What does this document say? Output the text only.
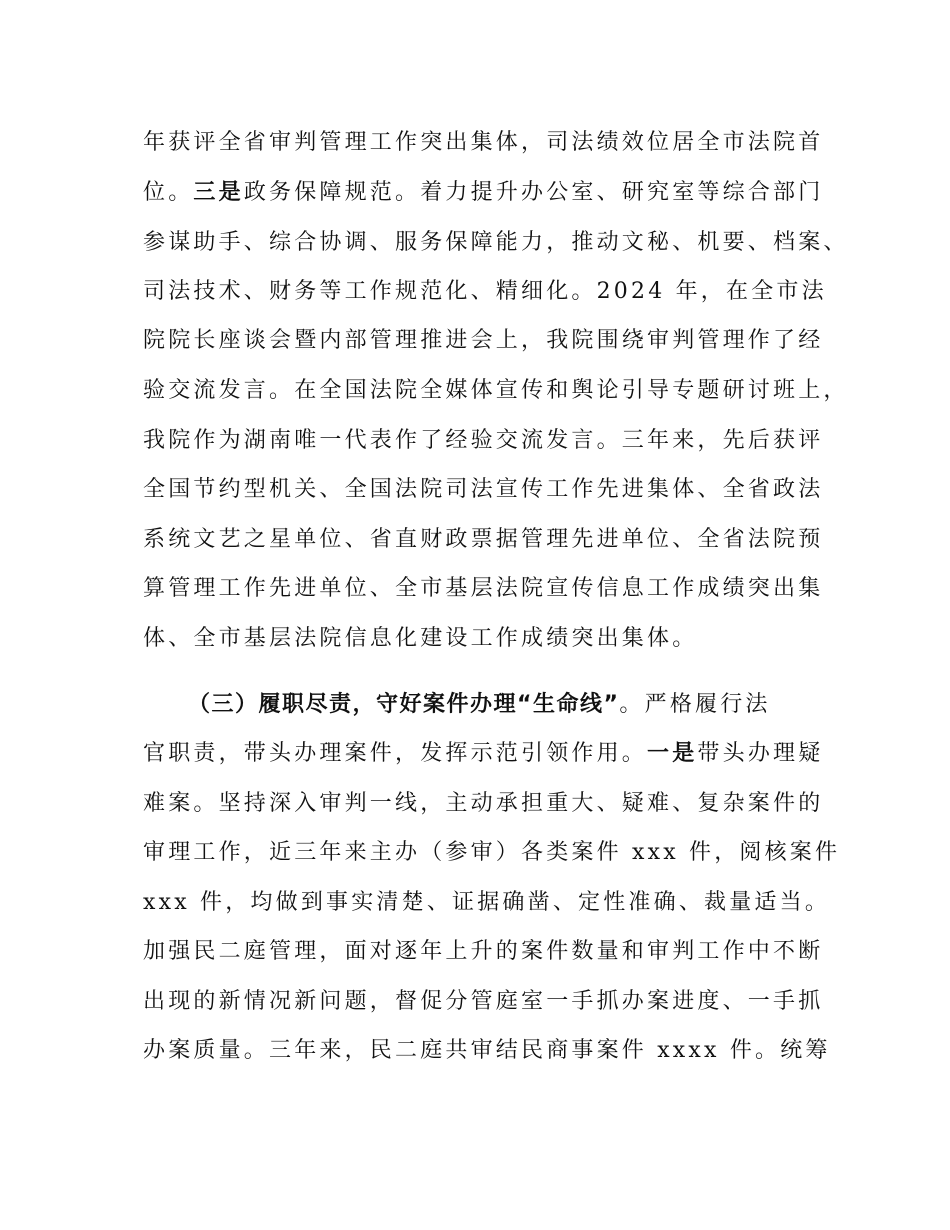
年获评全省审判管理工作突出集体，司法绩效位居全市法院首
位。三是政务保障规范。着力提升办公室、研究室等综合部门
参谋助手、综合协调、服务保障能力，推动文秘、机要、档案、
司法技术、财务等工作规范化、精细化。2024 年，在全市法
院院长座谈会暨内部管理推进会上，我院围绕审判管理作了经
验交流发言。在全国法院全媒体宣传和舆论引导专题研讨班上，
我院作为湖南唯一代表作了经验交流发言。三年来，先后获评
全国节约型机关、全国法院司法宣传工作先进集体、全省政法
系统文艺之星单位、省直财政票据管理先进单位、全省法院预
算管理工作先进单位、全市基层法院宣传信息工作成绩突出集
体、全市基层法院信息化建设工作成绩突出集体。
（三）履职尽责，守好案件办理“生命线”。严格履行法
官职责，带头办理案件，发挥示范引领作用。一是带头办理疑
难案。坚持深入审判一线，主动承担重大、疑难、复杂案件的
审理工作，近三年来主办（参审）各类案件 xxx 件，阅核案件
xxx 件，均做到事实清楚、证据确凿、定性准确、裁量适当。
加强民二庭管理，面对逐年上升的案件数量和审判工作中不断
出现的新情况新问题，督促分管庭室一手抓办案进度、一手抓
办案质量。三年来，民二庭共审结民商事案件 xxxx 件。统筹
